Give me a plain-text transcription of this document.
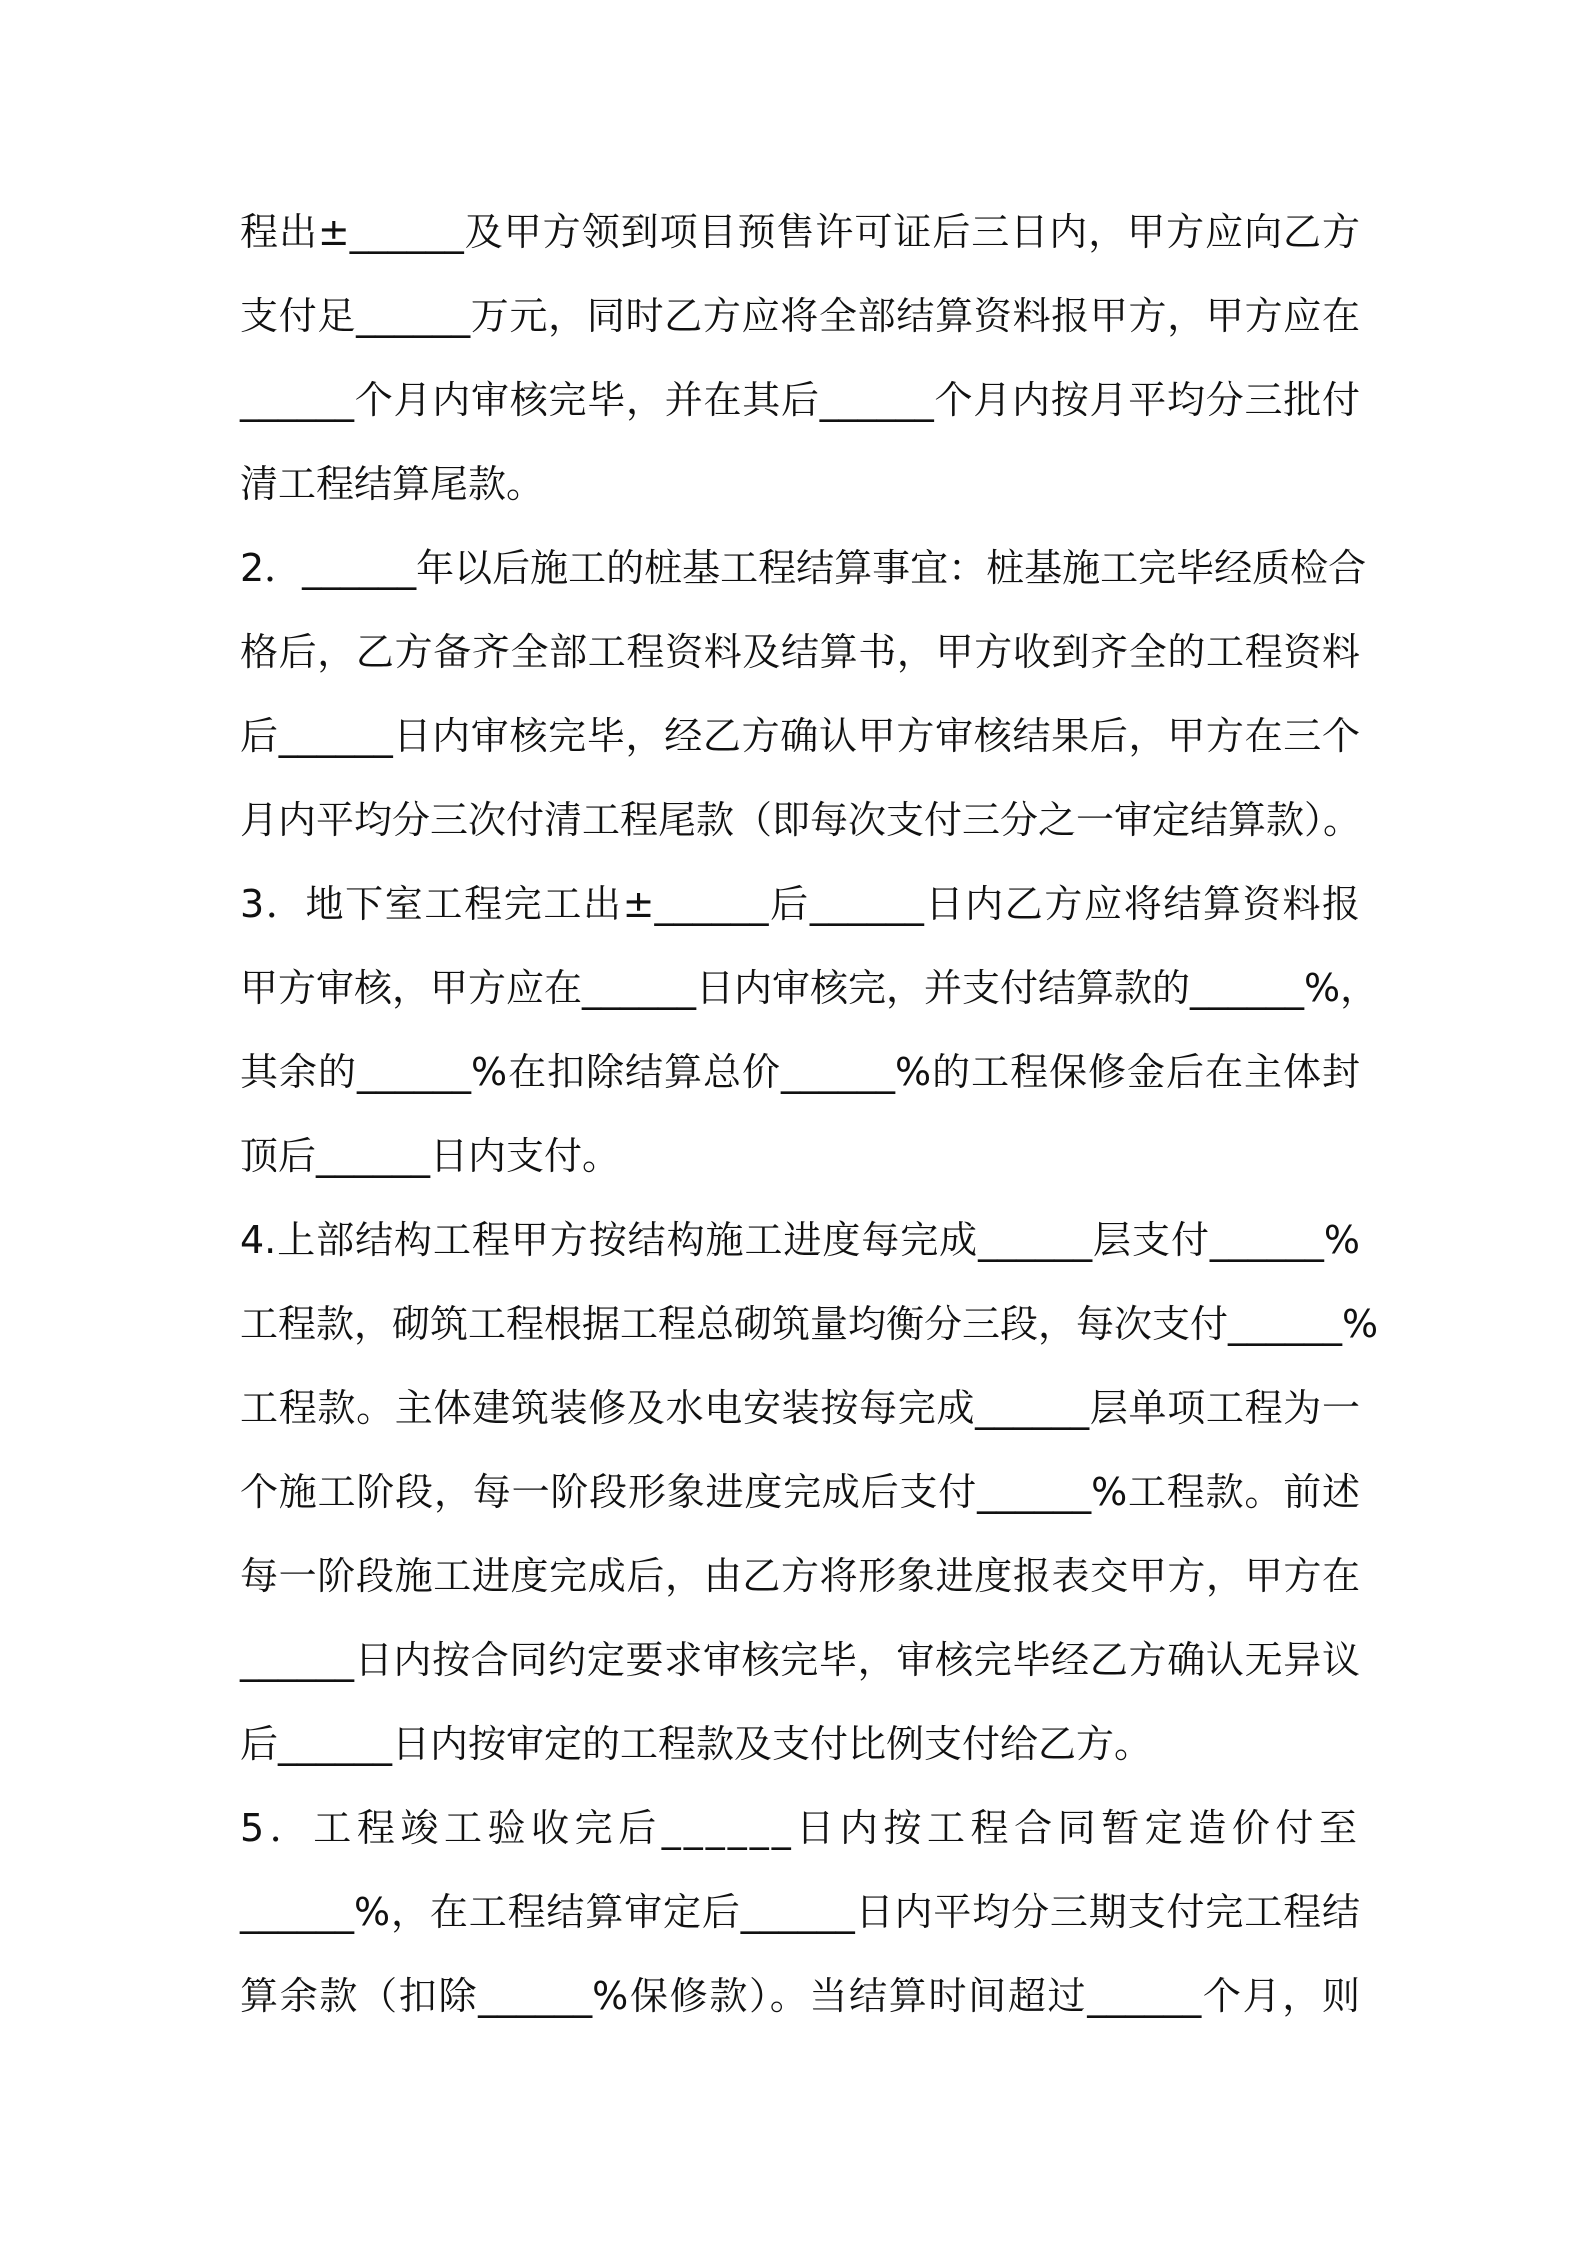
程出±______及甲方领到项目预售许可证后三日内，甲方应向乙方
支付足______万元，同时乙方应将全部结算资料报甲方，甲方应在
______个月内审核完毕，并在其后______个月内按月平均分三批付
清工程结算尾款。
2．______年以后施工的桩基工程结算事宜：桩基施工完毕经质检合
格后，乙方备齐全部工程资料及结算书，甲方收到齐全的工程资料
后______日内审核完毕，经乙方确认甲方审核结果后，甲方在三个
月内平均分三次付清工程尾款（即每次支付三分之一审定结算款）。
3．地下室工程完工出±______后______日内乙方应将结算资料报
甲方审核，甲方应在______日内审核完，并支付结算款的______%，
其余的______%在扣除结算总价______%的工程保修金后在主体封
顶后______日内支付。
4.上部结构工程甲方按结构施工进度每完成______层支付______%
工程款，砌筑工程根据工程总砌筑量均衡分三段，每次支付______%
工程款。主体建筑装修及水电安装按每完成______层单项工程为一
个施工阶段，每一阶段形象进度完成后支付______%工程款。前述
每一阶段施工进度完成后，由乙方将形象进度报表交甲方，甲方在
______日内按合同约定要求审核完毕，审核完毕经乙方确认无异议
后______日内按审定的工程款及支付比例支付给乙方。
5．工程竣工验收完后______日内按工程合同暂定造价付至
______%，在工程结算审定后______日内平均分三期支付完工程结
算余款（扣除______%保修款）。当结算时间超过______个月，则
